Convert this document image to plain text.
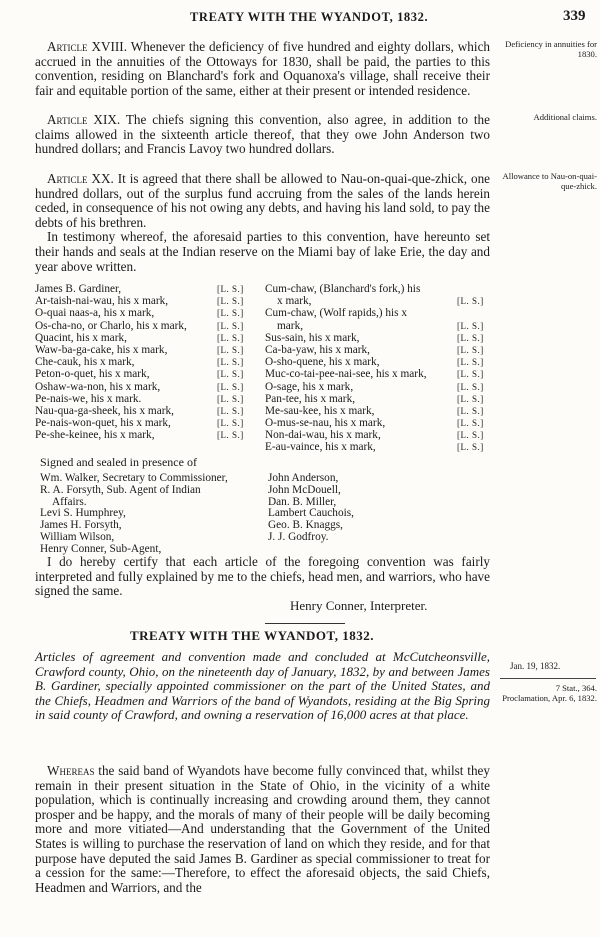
TREATY WITH THE WYANDOT, 1832.	339

Article XVIII. Whenever the deficiency of five hundred and eighty dollars, which accrued in the annuities of the Ottoways for 1830, shall be paid, the parties to this convention, residing on Blanchard's fork and Oquanoxa's village, shall receive their fair and equitable portion of the same, either at their present or intended residence.

Deficiency in annuities for 1830.

Article XIX. The chiefs signing this convention, also agree, in addition to the claims allowed in the sixteenth article thereof, that they owe John Anderson two hundred dollars; and Francis Lavoy two hundred dollars.

Additional claims.

Article XX. It is agreed that there shall be allowed to Nau-on-quai-que-zhick, one hundred dollars, out of the surplus fund accruing from the sales of the lands herein ceded, in consequence of his not owing any debts, and having his land sold, to pay the debts of his brethren.

In testimony whereof, the aforesaid parties to this convention, have hereunto set their hands and seals at the Indian reserve on the Miami bay of lake Erie, the day and year above written.

Allowance to Nau-on-quai-que-zhick.
James B. Gardiner,	[L. S.]
Ar-taish-nai-wau, his x mark,	[L. S.]
O-quai naas-a, his x mark,	[L. S.]
Os-cha-no, or Charlo, his x mark,	[L. S.]
Quacint, his x mark,	[L. S.]
Waw-ba-ga-cake, his x mark,	[L. S.]
Che-cauk, his x mark,	[L. S.]
Peton-o-quet, his x mark,	[L. S.]
Oshaw-wa-non, his x mark,	[L. S.]
Pe-nais-we, his x mark.	[L. S.]
Nau-qua-ga-sheek, his x mark,	[L. S.]
Pe-nais-won-quet, his x mark,	[L. S.]
Pe-she-keinee, his x mark,	[L. S.]
Cum-chaw, (Blanchard's fork,) his
x mark,	[L. S.]
Cum-chaw, (Wolf rapids,) his x
mark,	[L. S.]
Sus-sain, his x mark,	[L. S.]
Ca-ba-yaw, his x mark,	[L. S.]
O-sho-quene, his x mark,	[L. S.]
Muc-co-tai-pee-nai-see, his x mark,	[L. S.]
O-sage, his x mark,	[L. S.]
Pan-tee, his x mark,	[L. S.]
Me-sau-kee, his x mark,	[L. S.]
O-mus-se-nau, his x mark,	[L. S.]
Non-dai-wau, his x mark,	[L. S.]
E-au-vaince, his x mark,	[L. S.]
Signed and sealed in presence of
Wm. Walker, Secretary to Commissioner,
R. A. Forsyth, Sub. Agent of Indian
Affairs.
Levi S. Humphrey,
James H. Forsyth,
William Wilson,
Henry Conner, Sub-Agent,
John Anderson,
John McDouell,
Dan. B. Miller,
Lambert Cauchois,
Geo. B. Knaggs,
J. J. Godfroy.

I do hereby certify that each article of the foregoing convention was fairly interpreted and fully explained by me to the chiefs, head men, and warriors, who have signed the same.

Henry Conner, Interpreter.
TREATY WITH THE WYANDOT, 1832.
Jan. 19, 1832.
7 Stat., 364.
Proclamation, Apr. 6, 1832.
Articles of agreement and convention made and concluded at McCutcheonsville, Crawford county, Ohio, on the nineteenth day of January, 1832, by and between James B. Gardiner, specially appointed commissioner on the part of the United States, and the Chiefs, Headmen and Warriors of the band of Wyandots, residing at the Big Spring in said county of Crawford, and owning a reservation of 16,000 acres at that place.

Whereas the said band of Wyandots have become fully convinced that, whilst they remain in their present situation in the State of Ohio, in the vicinity of a white population, which is continually increasing and crowding around them, they cannot prosper and be happy, and the morals of many of their people will be daily becoming more and more vitiated—And understanding that the Government of the United States is willing to purchase the reservation of land on which they reside, and for that purpose have deputed the said James B. Gardiner as special commissioner to treat for a cession for the same:—Therefore, to effect the aforesaid objects, the said Chiefs, Headmen and Warriors, and the
